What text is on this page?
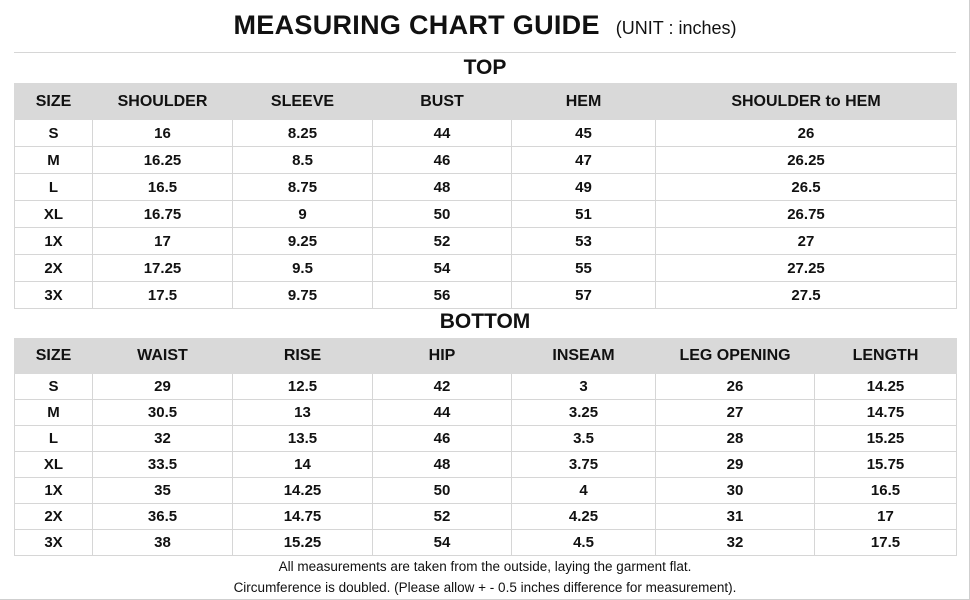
MEASURING CHART GUIDE (UNIT : inches)
TOP
SIZE	SHOULDER	SLEEVE	BUST	HEM	SHOULDER to HEM
S	16	8.25	44	45	26
M	16.25	8.5	46	47	26.25
L	16.5	8.75	48	49	26.5
XL	16.75	9	50	51	26.75
1X	17	9.25	52	53	27
2X	17.25	9.5	54	55	27.25
3X	17.5	9.75	56	57	27.5
BOTTOM
SIZE	WAIST	RISE	HIP	INSEAM	LEG OPENING	LENGTH
S	29	12.5	42	3	26	14.25
M	30.5	13	44	3.25	27	14.75
L	32	13.5	46	3.5	28	15.25
XL	33.5	14	48	3.75	29	15.75
1X	35	14.25	50	4	30	16.5
2X	36.5	14.75	52	4.25	31	17
3X	38	15.25	54	4.5	32	17.5
All measurements are taken from the outside, laying the garment flat.
Circumference is doubled. (Please allow + - 0.5 inches difference for measurement).
